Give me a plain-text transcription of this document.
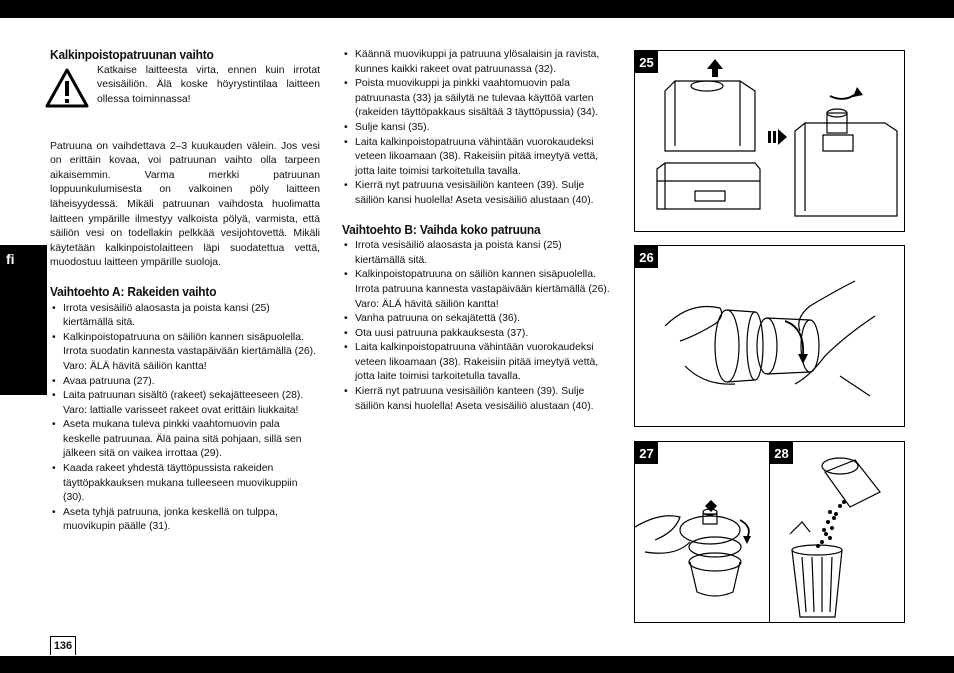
fi
Kalkinpoistopatruunan vaihto
Katkaise laitteesta virta, ennen kuin irrotat vesisäiliön. Älä koske höyrystintilaa laitteen ollessa toiminnassa!

Patruuna on vaihdettava 2–3 kuukauden välein. Jos vesi on erittäin kovaa, voi patruunan vaihto olla tarpeen aikaisemmin. Varma merkki patruunan loppuunkulumisesta on valkoinen pöly laitteen läheisyydessä. Mikäli patruunan vaihdosta huolimatta laitteen ympärille ilmestyy valkoista pölyä, varmista, että säiliön vesi on todellakin pelkkää vesijohtovettä. Mikäli käytetään kalkinpoistolaitteen läpi suodatettua vettä, muodostuu laitteen ympärille suoloja.

Vaihtoehto A: Rakeiden vaihto
• Irrota vesisäiliö alaosasta ja poista kansi (25) kiertämällä sitä.
• Kalkinpoistopatruuna on säiliön kannen sisäpuolella. Irrota suodatin kannesta vastapäivään kiertämällä (26). Varo: ÄLÄ hävitä säiliön kantta!
• Avaa patruuna (27).
• Laita patruunan sisältö (rakeet) sekajätteeseen (28). Varo: lattialle varisseet rakeet ovat erittäin liukkaita!
• Aseta mukana tuleva pinkki vaahtomuovin pala keskelle patruunaa. Älä paina sitä pohjaan, sillä sen jälkeen sitä on vaikea irrottaa (29).
• Kaada rakeet yhdestä täyttöpussista rakeiden täyttöpakkauksen mukana tulleeseen muovikuppiin (30).
• Aseta tyhjä patruuna, jonka keskellä on tulppa, muovikupin päälle (31).
• Käännä muovikuppi ja patruuna ylösalaisin ja ravista, kunnes kaikki rakeet ovat patruunassa (32).
• Poista muovikuppi ja pinkki vaahtomuovin pala patruunasta (33) ja säilytä ne tulevaa käyttöä varten (rakeiden täyttöpakkaus sisältää 3 täyttöpussia) (34).
• Sulje kansi (35).
• Laita kalkinpoistopatruuna vähintään vuorokaudeksi veteen likoamaan (38). Rakeisiin pitää imeytyä vettä, jotta laite toimisi tarkoitetulla tavalla.
• Kierrä nyt patruuna vesisäiliön kanteen (39). Sulje säiliön kansi huolella! Aseta vesisäiliö alustaan (40).
Vaihtoehto B: Vaihda koko patruuna
• Irrota vesisäiliö alaosasta ja poista kansi (25) kiertämällä sitä.
• Kalkinpoistopatruuna on säiliön kannen sisäpuolella. Irrota patruuna kannesta vastapäivään kiertämällä (26). Varo: ÄLÄ hävitä säiliön kantta!
• Vanha patruuna on sekajätettä (36).
• Ota uusi patruuna pakkauksesta (37).
• Laita kalkinpoistopatruuna vähintään vuorokaudeksi veteen likoamaan (38). Rakeisiin pitää imeytyä vettä, jotta laite toimisi tarkoitetulla tavalla.
• Kierrä nyt patruuna vesisäiliön kanteen (39). Sulje säiliön kansi huolella! Aseta vesisäiliö alustaan (40).
25
26
27	28
136
